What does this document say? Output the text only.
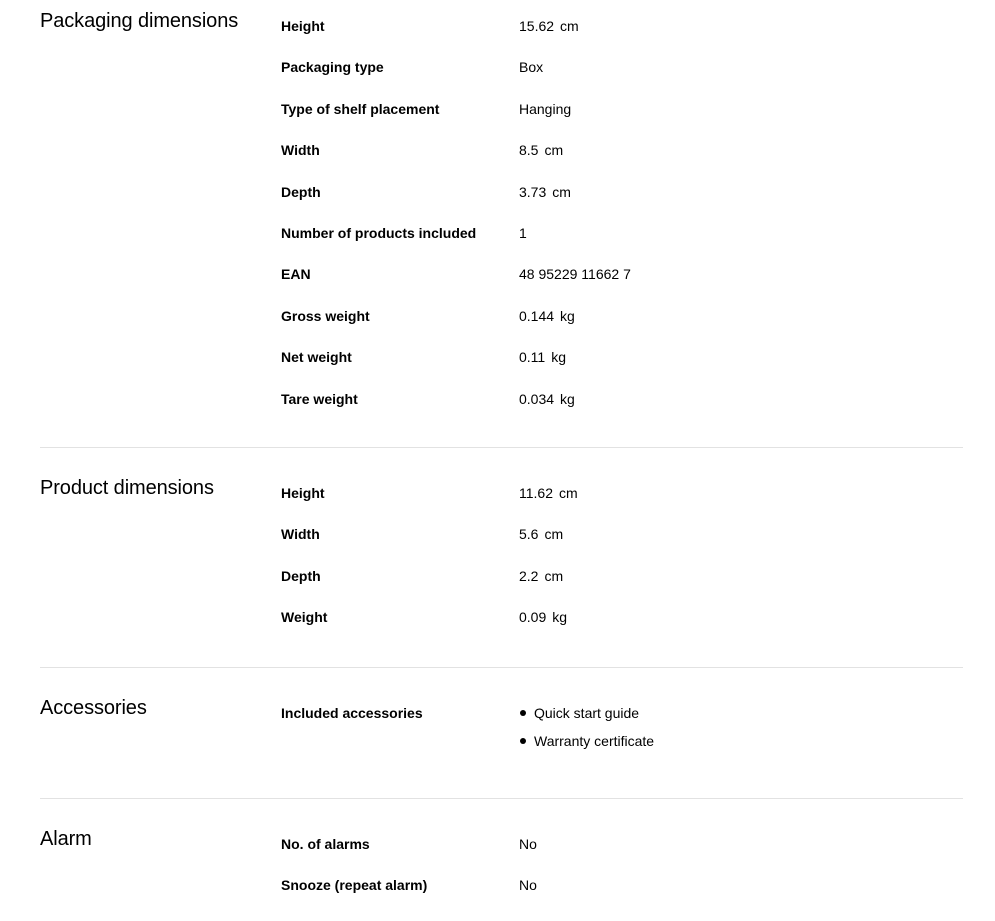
Packaging dimensions	Height	15.62 cm
Packaging type	Box
Type of shelf placement	Hanging
Width	8.5 cm
Depth	3.73 cm
Number of products included	1
EAN	48 95229 11662 7
Gross weight	0.144 kg
Net weight	0.11 kg
Tare weight	0.034 kg
Product dimensions	Height	11.62 cm
Width	5.6 cm
Depth	2.2 cm
Weight	0.09 kg
Accessories	Included accessories	Quick start guide
Warranty certificate
Alarm	No. of alarms	No
Snooze (repeat alarm)	No
